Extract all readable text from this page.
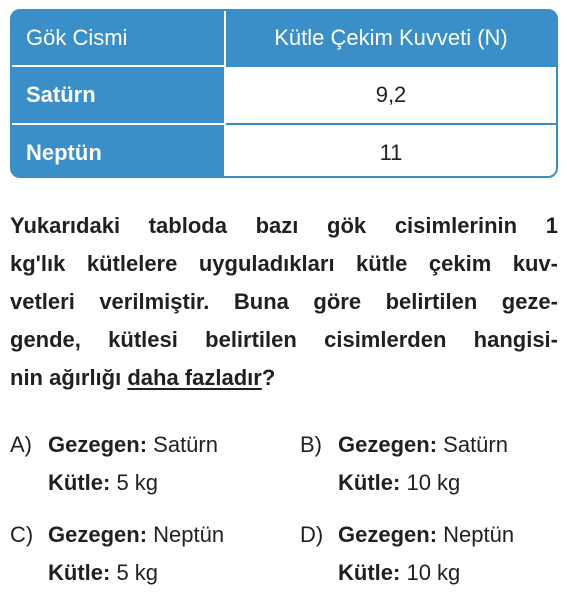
Gök Cismi	Kütle Çekim Kuvveti (N)
Satürn	9,2
Neptün	11

Yukarıdaki tabloda bazı gök cisimlerinin 1
kg'lık kütlelere uyguladıkları kütle çekim kuv-
vetleri verilmiştir. Buna göre belirtilen geze-
gende, kütlesi belirtilen cisimlerden hangisi-
nin ağırlığı daha fazladır?

A) Gezegen: Satürn
Kütle: 5 kg
B) Gezegen: Satürn
Kütle: 10 kg
C) Gezegen: Neptün
Kütle: 5 kg
D) Gezegen: Neptün
Kütle: 10 kg
